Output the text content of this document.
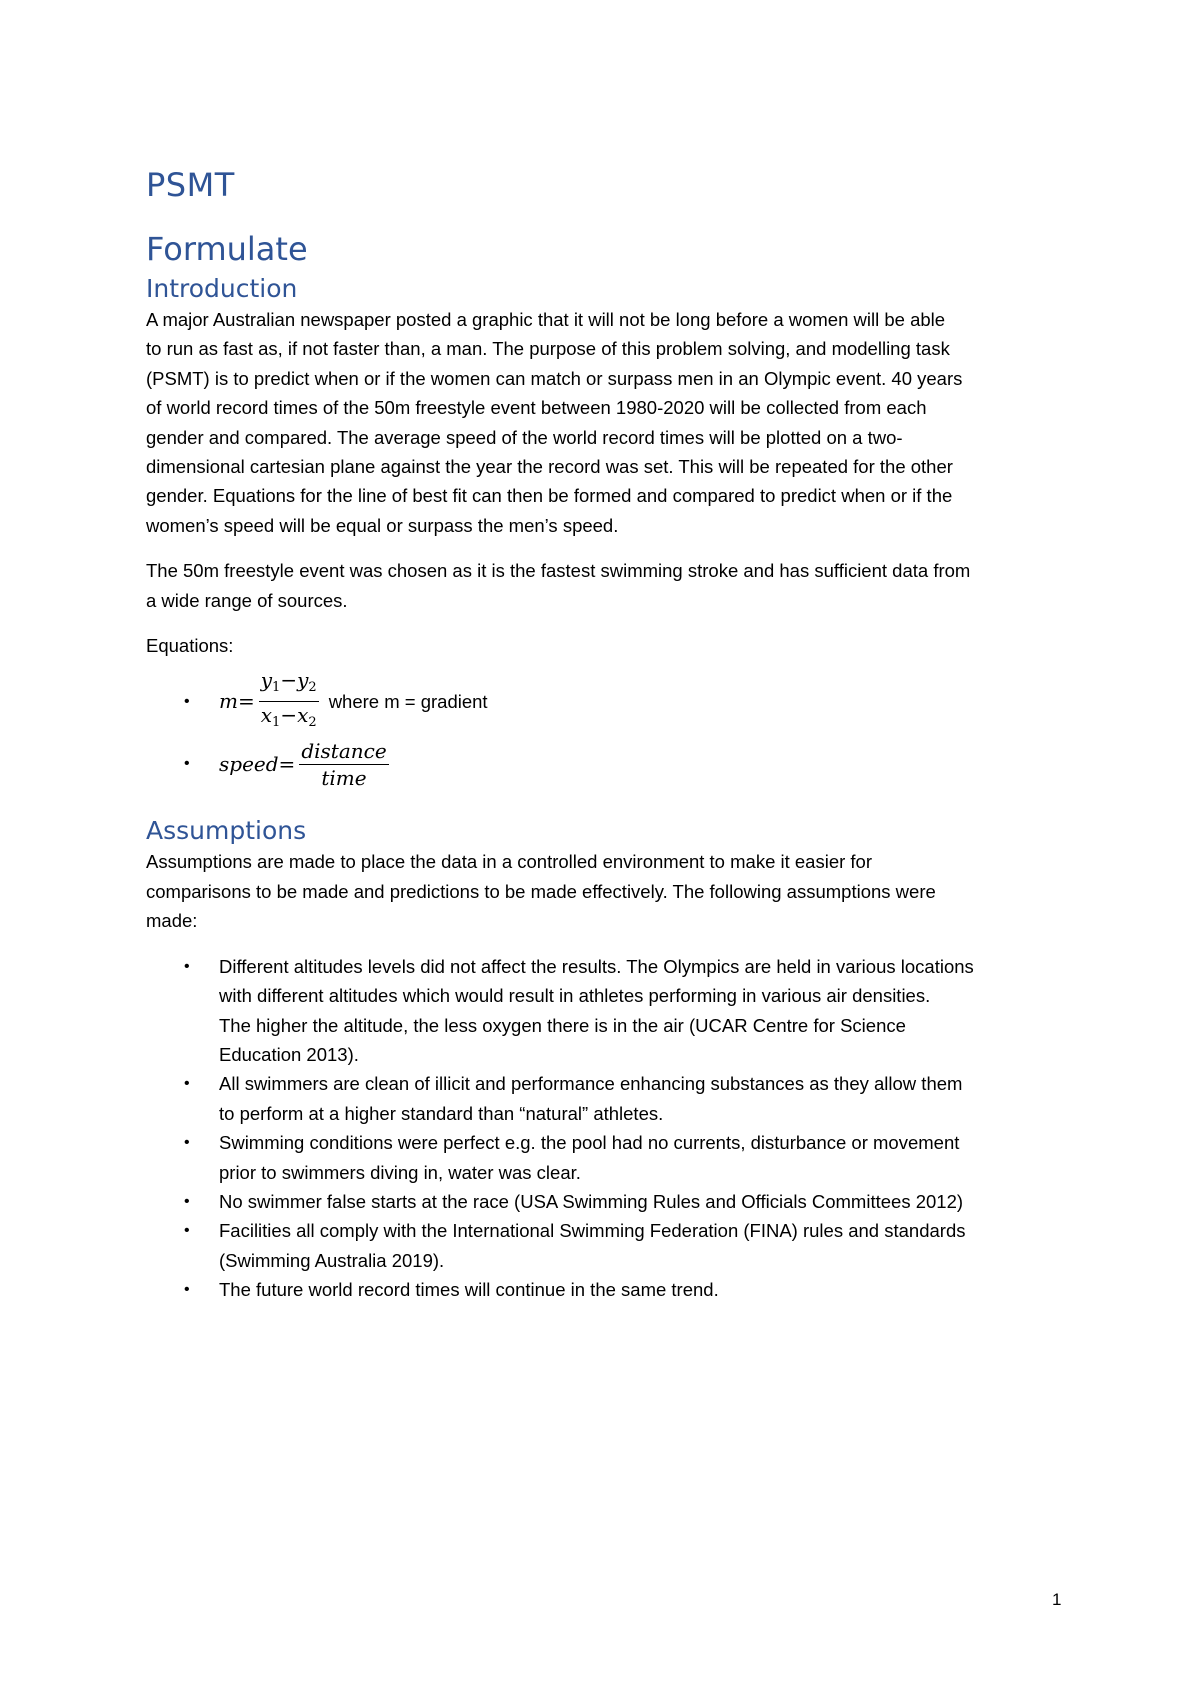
PSMT
Formulate
Introduction

A major Australian newspaper posted a graphic that it will not be long before a women will be able

to run as fast as, if not faster than, a man. The purpose of this problem solving, and modelling task

(PSMT) is to predict when or if the women can match or surpass men in an Olympic event. 40 years

of world record times of the 50m freestyle event between 1980-2020 will be collected from each

gender and compared. The average speed of the world record times will be plotted on a two-

dimensional cartesian plane against the year the record was set. This will be repeated for the other

gender. Equations for the line of best fit can then be formed and compared to predict when or if the

women’s speed will be equal or surpass the men’s speed.

The 50m freestyle event was chosen as it is the fastest swimming stroke and has sufficient data from

a wide range of sources.

Equations:

• $m = \frac{y_1-y_2}{x_1-x_2}$ where m = gradient
• speed = $\frac{\text{distance}}{\text{time}}$
Assumptions

Assumptions are made to place the data in a controlled environment to make it easier for

comparisons to be made and predictions to be made effectively. The following assumptions were

made:

• Different altitudes levels did not affect the results. The Olympics are held in various locations
with different altitudes which would result in athletes performing in various air densities.
The higher the altitude, the less oxygen there is in the air (UCAR Centre for Science
Education 2013).
• All swimmers are clean of illicit and performance enhancing substances as they allow them
to perform at a higher standard than “natural” athletes.
• Swimming conditions were perfect e.g. the pool had no currents, disturbance or movement
prior to swimmers diving in, water was clear.
• No swimmer false starts at the race (USA Swimming Rules and Officials Committees 2012)
• Facilities all comply with the International Swimming Federation (FINA) rules and standards
(Swimming Australia 2019).
• The future world record times will continue in the same trend.
1
